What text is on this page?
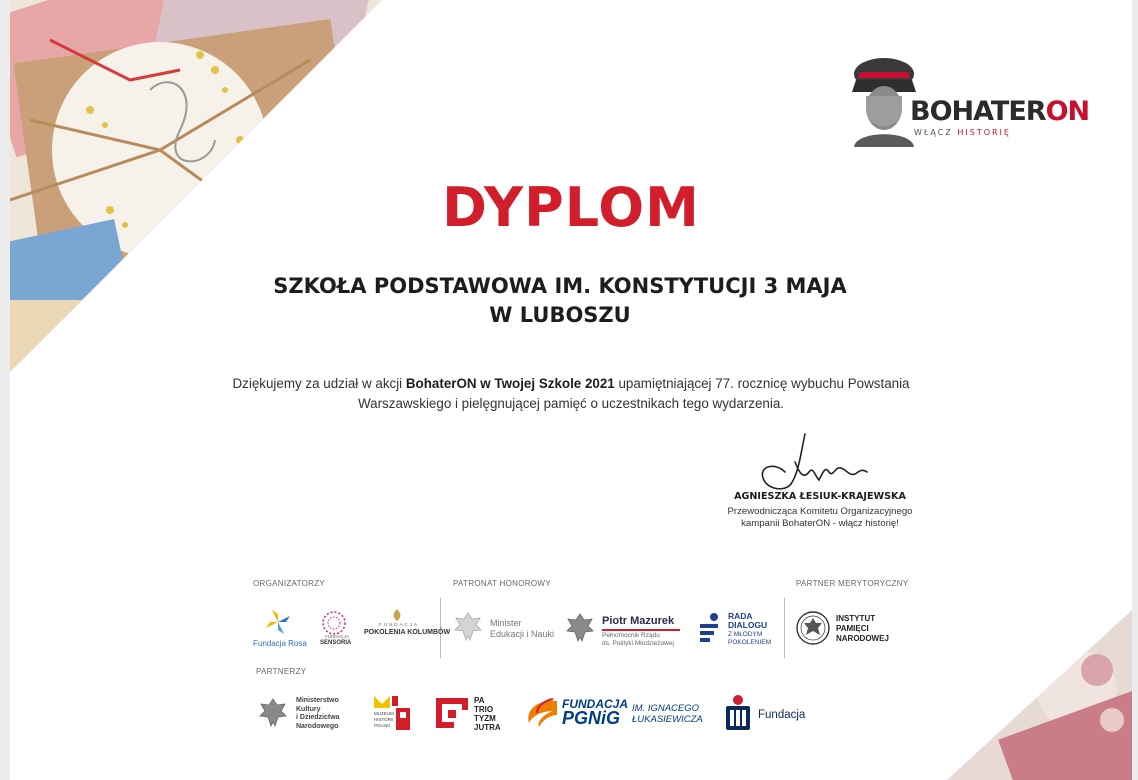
BOHATERON
WŁĄCZ HISTORIĘ
DYPLOM
SZKOŁA PODSTAWOWA IM. KONSTYTUCJI 3 MAJA
W LUBOSZU
Dziękujemy za udział w akcji BohaterON w Twojej Szkole 2021 upamiętniającej 77. rocznicę wybuchu Powstania Warszawskiego i pielęgnującej pamięć o uczestnikach tego wydarzenia.
AGNIESZKA ŁESIUK-KRAJEWSKA
Przewodnicząca Komitetu Organizacyjnego
kampanii BohaterON - włącz historię!
ORGANIZATORZY	PATRONAT HONOROWY	PARTNER MERYTORYCZNY
PARTNERZY
Fundacja Rosa
FUNDACJA
SENSORIA
FUNDACJA
POKOLENIA KOLUMBÓW
Minister
Edukacji i Nauki
Piotr Mazurek
Pełnomocnik Rządu
ds. Polityki Młodzieżowej
RADA
DIALOGU
Z MŁODYM
POKOLENIEM
INSTYTUT
PAMIĘCI
NARODOWEJ
Ministerstwo
Kultury
i Dziedzictwa
Narodowego
MUZEUM
HISTORII
POLSKI
PA
TRIO
TYZM
JUTRA
FUNDACJA
PGNiG IM. IGNACEGO
ŁUKASIEWICZA	Fundacja
